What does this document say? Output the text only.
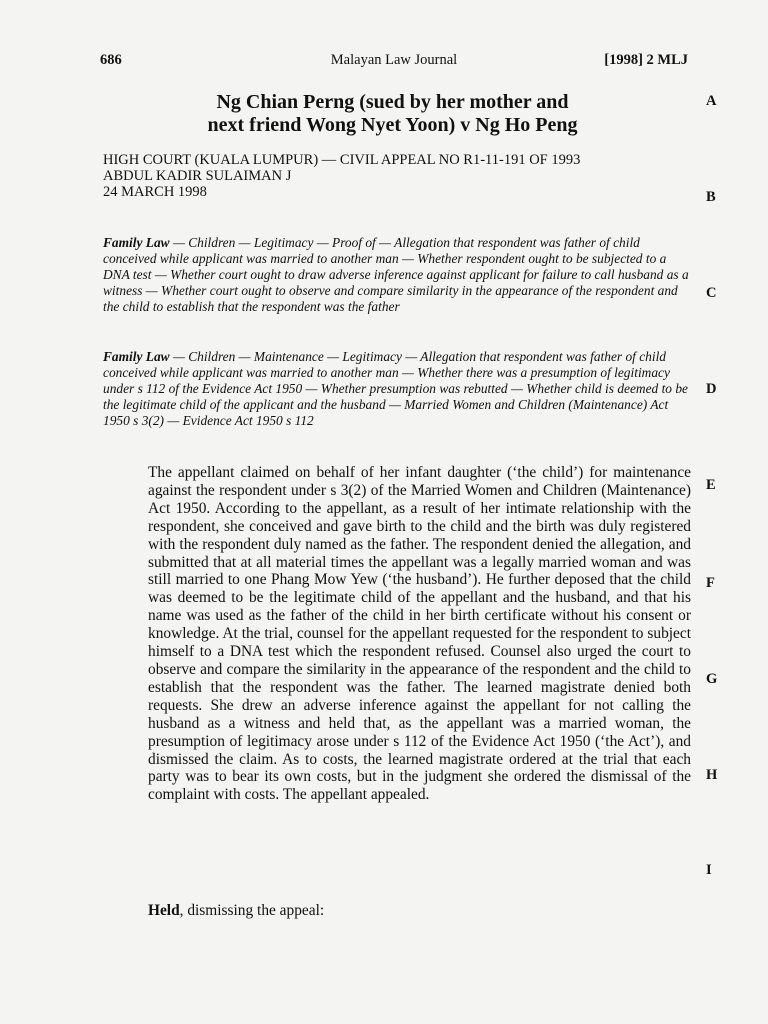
686	Malayan Law Journal	[1998] 2 MLJ
Ng Chian Perng (sued by her mother and
next friend Wong Nyet Yoon) v Ng Ho Peng
HIGH COURT (KUALA LUMPUR) — CIVIL APPEAL NO R1-11-191 OF 1993
ABDUL KADIR SULAIMAN J
24 MARCH 1998
Family Law — Children — Legitimacy — Proof of — Allegation that respondent was father of child conceived while applicant was married to another man — Whether respondent ought to be subjected to a DNA test — Whether court ought to draw adverse inference against applicant for failure to call husband as a witness — Whether court ought to observe and compare similarity in the appearance of the respondent and the child to establish that the respondent was the father
Family Law — Children — Maintenance — Legitimacy — Allegation that respondent was father of child conceived while applicant was married to another man — Whether there was a presumption of legitimacy under s 112 of the Evidence Act 1950 — Whether presumption was rebutted — Whether child is deemed to be the legitimate child of the applicant and the husband — Married Women and Children (Maintenance) Act 1950 s 3(2) — Evidence Act 1950 s 112
The appellant claimed on behalf of her infant daughter (‘the child’) for maintenance against the respondent under s 3(2) of the Married Women and Children (Maintenance) Act 1950. According to the appellant, as a result of her intimate relationship with the respondent, she conceived and gave birth to the child and the birth was duly registered with the respondent duly named as the father. The respondent denied the allegation, and submitted that at all material times the appellant was a legally married woman and was still married to one Phang Mow Yew (‘the husband’). He further deposed that the child was deemed to be the legitimate child of the appellant and the husband, and that his name was used as the father of the child in her birth certificate without his consent or knowledge. At the trial, counsel for the appellant requested for the respondent to subject himself to a DNA test which the respondent refused. Counsel also urged the court to observe and compare the similarity in the appearance of the respondent and the child to establish that the respondent was the father. The learned magistrate denied both requests. She drew an adverse inference against the appellant for not calling the husband as a witness and held that, as the appellant was a married woman, the presumption of legitimacy arose under s 112 of the Evidence Act 1950 (‘the Act’), and dismissed the claim. As to costs, the learned magistrate ordered at the trial that each party was to bear its own costs, but in the judgment she ordered the dismissal of the complaint with costs. The appellant appealed.
Held, dismissing the appeal:
A
B
C
D
E
F
G
H
I
